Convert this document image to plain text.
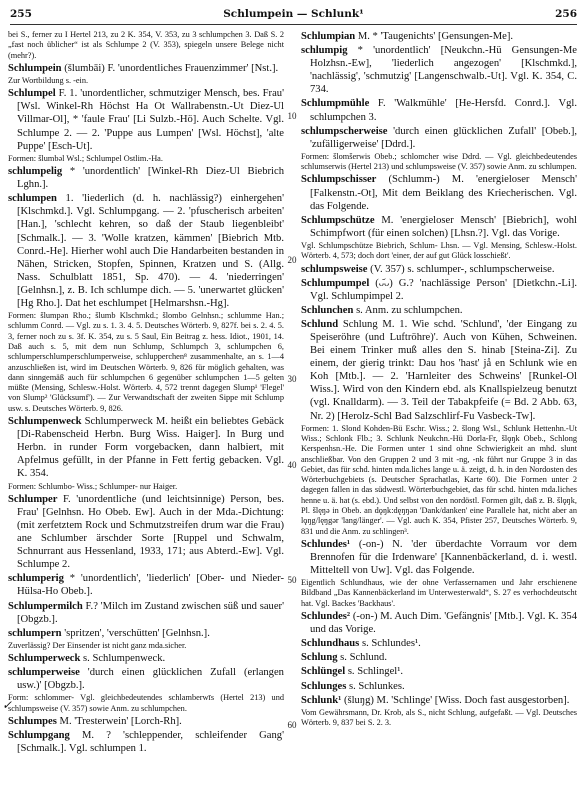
255	Schlumpein — Schlunk¹	256

bei S., ferner zu I Hertel 213, zu 2 K. 354, V. 353, zu 3 schlumpchen 3. Daß S. 2 „fast noch üblicher“ ist als Schlumpe 2 (V. 353), spiegeln unsere Belege nicht (mehr?).

Schlumpein (šlumbāi) F. 'unordentliches Frauenzimmer' [Nst.].

Zur Wortbildung s. -ein.

Schlumpel F. 1. 'unordentlicher, schmutziger Mensch, bes. Frau' [Wsl. Winkel-Rh Höchst Ha Ot Wallrabenstn.-Ut Diez-Ul Villmar-Ol], * 'faule Frau' [Li Sulzb.-Hö]. Auch Schelte. Vgl. Schlumpe 2. — 2. 'Puppe aus Lumpen' [Wsl. Höchst], 'alte Puppe' [Esch-Ut].

Formen: šlumbǝl Wsl.; Schlumpel Ostlim.-Ha.

schlumpelig * 'unordentlich' [Winkel-Rh Diez-Ul Biebrich Lghn.].

schlumpen 1. 'liederlich (d. h. nachlässig?) einhergehen' [Klschmkd.]. Vgl. Schlumpgang. — 2. 'pfuscherisch arbeiten' [Han.], 'schlecht kehren, so daß der Staub liegenbleibt' [Schmalk.]. — 3. 'Wolle kratzen, kämmen' [Biebrich Mtb. Conrd.-He]. Hierher wohl auch Die Handarbeiten bestanden in Nähen, Stricken, Stopfen, Spinnen, Kratzen und S. (Allg. Nass. Schulblatt 1851, Sp. 470). — 4. 'niederringen' [Gelnhsn.], z. B. Ich schlumpe dich. — 5. 'unerwartet glücken' [Hg Rho.]. Dat het eschlumpet [Helmarshsn.-Hg].

Formen: šlumpǝn Rho.; šlumb Klschmkd.; šlombo Gelnhsn.; schlumme Han.; schlumm Conrd. — Vgl. zu s. 1. 3. 4. 5. Deutsches Wörterb. 9, 827f. bei s. 2. 4. 5. 3, ferner noch zu s. 3f. K. 354, zu s. 5 Saul, Ein Beitrag z. hess. Idiot., 1901, 14. Daß auch s. 5, mit dem nun Schlump, Schlumpch 3, schlumpchen 6, schlumperschlumperschlumperweise, schlupperchen⁸ zusammenhalte, an s. 1—4 anzuschließen ist, wird im Deutschen Wörterb. 9, 826 für möglich gehalten, was dann sinngemäß auch für schlumpchen 6 gegenüber schlumpchen 1—5 gelten müßte (Mensing, Schlesw.-Holst. Wörterb. 4, 572 trennt dagegen Slump¹ 'Flegel' von Slump² 'Glücksumf'). — Zur Verwandtschaft der zweiten Sippe mit Schlump usw. s. Deutsches Wörterb. 9, 826.

Schlumpenweck Schlumperweck M. heißt ein beliebtes Gebäck [Di-Rabenscheid Herbn. Burg Wiss. Haiger]. In Burg und Herbn. in runder Form vorgebacken, dann halbiert, mit Apfelmus gefüllt, in der Pfanne in Fett fertig gebacken. Vgl. K. 354.

Formen: Schlumbo- Wiss.; Schlumper- nur Haiger.

Schlumper F. 'unordentliche (und leichtsinnige) Person, bes. Frau' [Gelnhsn. Ho Obeb. Ew]. Auch in der Mda.-Dichtung: (mit zerfetztem Rock und Schmutzstreifen drum war die Frau) ane Schlumber ärschder Sorte [Ruppel und Schwalm, Schnurrant aus Hessenland, 1933, 171; aus Abterd.-Ew]. Vgl. Schlumpe 2.

schlumperig * 'unordentlich', 'liederlich' [Ober- und Nieder-Hülsa-Ho Obeb.].

Schlumpermilch F.? 'Milch im Zustand zwischen süß und sauer' [Obgzb.].

schlumpern 'spritzen', 'verschütten' [Gelnhsn.].

Zuverlässig? Der Einsender ist nicht ganz mda.sicher.

Schlumperweck s. Schlumpenweck.

schlumperweise 'durch einen glücklichen Zufall (erlangen usw.)' [Obgzb.].

Form: schlommer- Vgl. gleichbedeutendes schlamberwīs (Hertel 213) und schlumpsweise (V. 357) sowie Anm. zu schlumpchen.

Schlumpes M. 'Tresterwein' [Lorch-Rh].

Schlumpgang M. ? 'schleppender, schleifender Gang' [Schmalk.]. Vgl. schlumpen 1.

10
20
30
40
50
60

Schlumpian M. * 'Taugenichts' [Gensungen-Me].

schlumpig * 'unordentlich' [Neukchn.-Hü Gensungen-Me Holzhsn.-Ew], 'liederlich angezogen' [Klschmkd.], 'nachlässig', 'schmutzig' [Langenschwalb.-Ut]. Vgl. K. 354, C. 734.

Schlumpmühle F. 'Walkmühle' [He-Hersfd. Conrd.]. Vgl. schlumpchen 3.

schlumpscherweise 'durch einen glücklichen Zufall' [Obeb.], 'zufälligerweise' [Ddrd.].

Formen: šlomšerwis Obeb.; schlomcher wise Ddrd. — Vgl. gleichbedeutendes schlumserwis (Hertel 213) und schlumpsweise (V. 357) sowie Anm. zu schlumpen.

Schlumpschisser (Schlumm-) M. 'energieloser Mensch' [Falkenstn.-Ot], Mit dem Beiklang des Kriecherischen. Vgl. das Folgende.

Schlumpschütze M. 'energieloser Mensch' [Biebrich], wohl Schimpfwort (für einen solchen) [Lhsn.?]. Vgl. das Vorige.

Vgl. Schlumpschütze Biebrich, Schlum- Lhsn. — Vgl. Mensing, Schlesw.-Holst. Wörterb. 4, 573; doch dort 'einer, der auf gut Glück losschießt'.

schlumpsweise (V. 357) s. schlumper-, schlumpscherweise.

Schlumpumpel (ᴗ᷄ᴗ) G.? 'nachlässige Person' [Dietkchn.-Li]. Vgl. Schlumpimpel 2.

Schlunchen s. Anm. zu schlumpchen.

Schlund Schlung M. 1. Wie schd. 'Schlund', 'der Eingang zu Speiseröhre (und Luftröhre)'. Auch von Kühen, Schweinen. Bei einem Trinker muß alles den S. hinab [Steina-Zi]. Zu einem, der gierig trinkt: Dau hos 'hast' jå en Schlunk wie en Koh [Mtb.]. — 2. 'Harnleiter des Schweins' [Runkel-Ol Wiss.]. Wird von den Kindern ebd. als Knallspielzeug benutzt (vgl. Knalldarm). — 3. Teil der Tabakpfeife (= Bd. 2 Abb. 63, Nr. 2) [Herolz-Schl Bad Salzschlirf-Fu Vasbeck-Tw].

Formen: 1. Slond Kohden-Bü Eschr. Wiss.; 2. šlong Wsl., Schlunk Hettenhn.-Ut Wiss.; Schlonk Flb.; 3. Schlunk Neukchn.-Hü Dorla-Fr, šlǫŋk Obeb., Schlong Kerspenhsn.-He. Die Formen unter 1 sind ohne Schwierigkeit an mhd. slunt anschließbar. Von den Gruppen 2 und 3 mit -ng, -nk führt nur Gruppe 3 in das Gebiet, das für schd. hinten mda.liches lange u. ä. zeigt, d. h. in den Nordosten des Wörterbuchgebiets (s. Deutscher Sprachatlas, Karte 60). Die Formen unter 2 dagegen fallen in das südwestl. Wörterbuchgebiet, das für schd. hinten mda.liches henne u. ä. hat (s. ebd.). Und selbst von den nordöstl. Formen gilt, daß z. B. šlǫŋk, Pl. šlęŋǝ in Obeb. an dǫŋk:dęŋŋǝn 'Dank/danken' eine Parallele hat, nicht aber an lǫŋg/lęŋgǝr 'lang/länger'. — Vgl. auch K. 354, Pfister 257, Deutsches Wörterb. 9, 831 und die Anm. zu schlingen³.

Schlundes¹ (-on-) N. 'der überdachte Vorraum vor dem Brennofen für die Irdenware' [Kannenbäckerland, d. i. westl. Mitteltell von Uw]. Vgl. das Folgende.

Eigentlich Schlundhaus, wie der ohne Verfassernamen und Jahr erschienene Bildband „Das Kannenbäckerland im Unterwesterwald“, S. 27 es verhochdeutscht hat. Vgl. Backes 'Backhaus'.

Schlundes² (-on-) M. Auch Dim. 'Gefängnis' [Mtb.]. Vgl. K. 354 und das Vorige.

Schlundhaus s. Schlundes¹.

Schlung s. Schlund.

Schlüngel s. Schlingel¹.

Schlunges s. Schlunkes.

Schlunk¹ (šluŋg) M. 'Schlinge' [Wiss. Doch fast ausgestorben].

Vom Gewährsmann, Dr. Krob, als S., nicht Schlung, aufgefaßt. — Vgl. Deutsches Wörterb. 9, 837 bei S. 2. 3.

✓
